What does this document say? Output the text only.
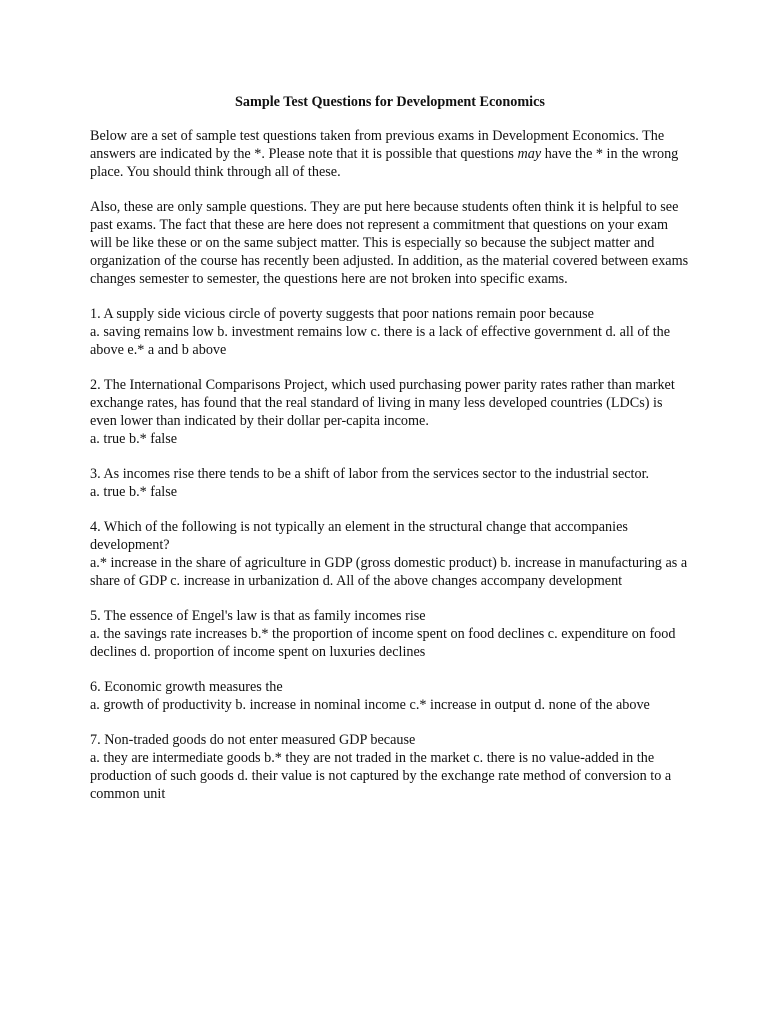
Sample Test Questions for Development Economics
Below are a set of sample test questions taken from previous exams in Development Economics. The answers are indicated by the *. Please note that it is possible that questions may have the * in the wrong place. You should think through all of these.
Also, these are only sample questions. They are put here because students often think it is helpful to see past exams. The fact that these are here does not represent a commitment that questions on your exam will be like these or on the same subject matter. This is especially so because the subject matter and organization of the course has recently been adjusted. In addition, as the material covered between exams changes semester to semester, the questions here are not broken into specific exams.
1. A supply side vicious circle of poverty suggests that poor nations remain poor because
a. saving remains low b. investment remains low c. there is a lack of effective government d. all of the above e.* a and b above
2. The International Comparisons Project, which used purchasing power parity rates rather than market exchange rates, has found that the real standard of living in many less developed countries (LDCs) is even lower than indicated by their dollar per-capita income.
a. true b.* false
3. As incomes rise there tends to be a shift of labor from the services sector to the industrial sector.
a. true b.* false
4. Which of the following is not typically an element in the structural change that accompanies development?
a.* increase in the share of agriculture in GDP (gross domestic product) b. increase in manufacturing as a share of GDP c. increase in urbanization d. All of the above changes accompany development
5. The essence of Engel's law is that as family incomes rise
a. the savings rate increases b.* the proportion of income spent on food declines c. expenditure on food declines d. proportion of income spent on luxuries declines
6. Economic growth measures the
a. growth of productivity b. increase in nominal income c.* increase in output d. none of the above
7. Non-traded goods do not enter measured GDP because
a. they are intermediate goods b.* they are not traded in the market c. there is no value-added in the production of such goods d. their value is not captured by the exchange rate method of conversion to a common unit
